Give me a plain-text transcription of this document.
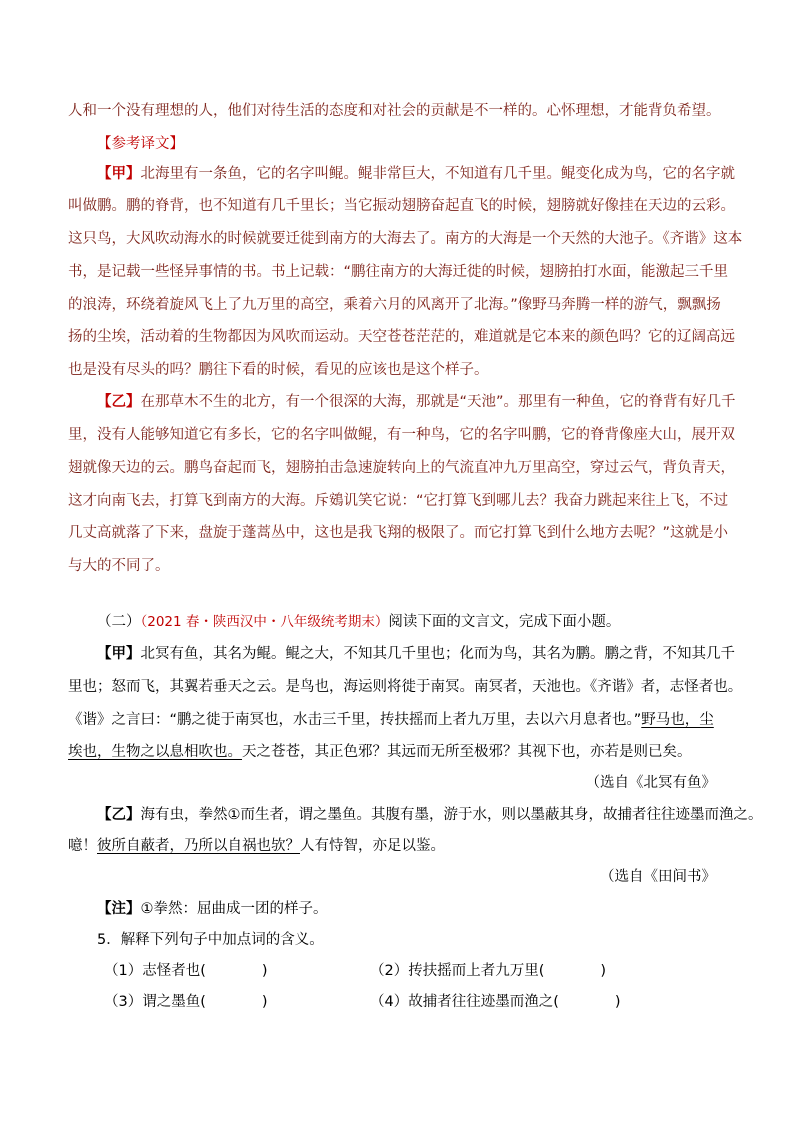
人和一个没有理想的人，他们对待生活的态度和对社会的贡献是不一样的。心怀理想，才能背负希望。
【参考译文】
【甲】北海里有一条鱼，它的名字叫鲲。鲲非常巨大，不知道有几千里。鲲变化成为鸟，它的名字就
叫做鹏。鹏的脊背，也不知道有几千里长；当它振动翅膀奋起直飞的时候，翅膀就好像挂在天边的云彩。
这只鸟，大风吹动海水的时候就要迁徙到南方的大海去了。南方的大海是一个天然的大池子。《齐谐》这本
书，是记载一些怪异事情的书。书上记载：“鹏往南方的大海迁徙的时候，翅膀拍打水面，能激起三千里
的浪涛，环绕着旋风飞上了九万里的高空，乘着六月的风离开了北海。”像野马奔腾一样的游气，飘飘扬
扬的尘埃，活动着的生物都因为风吹而运动。天空苍苍茫茫的，难道就是它本来的颜色吗？它的辽阔高远
也是没有尽头的吗？鹏往下看的时候，看见的应该也是这个样子。
【乙】在那草木不生的北方，有一个很深的大海，那就是“天池”。那里有一种鱼，它的脊背有好几千
里，没有人能够知道它有多长，它的名字叫做鲲，有一种鸟，它的名字叫鹏，它的脊背像座大山，展开双
翅就像天边的云。鹏鸟奋起而飞，翅膀拍击急速旋转向上的气流直冲九万里高空，穿过云气，背负青天，
这才向南飞去，打算飞到南方的大海。斥鴳讥笑它说：“它打算飞到哪儿去？我奋力跳起来往上飞，不过
几丈高就落了下来，盘旋于蓬蒿丛中，这也是我飞翔的极限了。而它打算飞到什么地方去呢？”这就是小
与大的不同了。
（二）（2021 春・陕西汉中・八年级统考期末）阅读下面的文言文，完成下面小题。
【甲】北冥有鱼，其名为鲲。鲲之大，不知其几千里也；化而为鸟，其名为鹏。鹏之背，不知其几千
里也；怒而飞，其翼若垂天之云。是鸟也，海运则将徙于南冥。南冥者，天池也。《齐谐》者，志怪者也。
《谐》之言曰：“鹏之徙于南冥也，水击三千里，抟扶摇而上者九万里，去以六月息者也。”野马也，尘
埃也，生物之以息相吹也。天之苍苍，其正色邪？其远而无所至极邪？其视下也，亦若是则已矣。
（选自《北冥有鱼》
【乙】海有虫，拳然①而生者，谓之墨鱼。其腹有墨，游于水，则以墨蔽其身，故捕者往往迹墨而渔之。
噫！彼所自蔽者，乃所以自祸也欤？人有恃智，亦足以鉴。
（选自《田间书》
【注】①拳然：屈曲成一团的样子。
5．解释下列句子中加点词的含义。
（1）志怪者也(	)	（2）抟扶摇而上者九万里(	)
（3）谓之墨鱼(	)	（4）故捕者往往迹墨而渔之(	)
